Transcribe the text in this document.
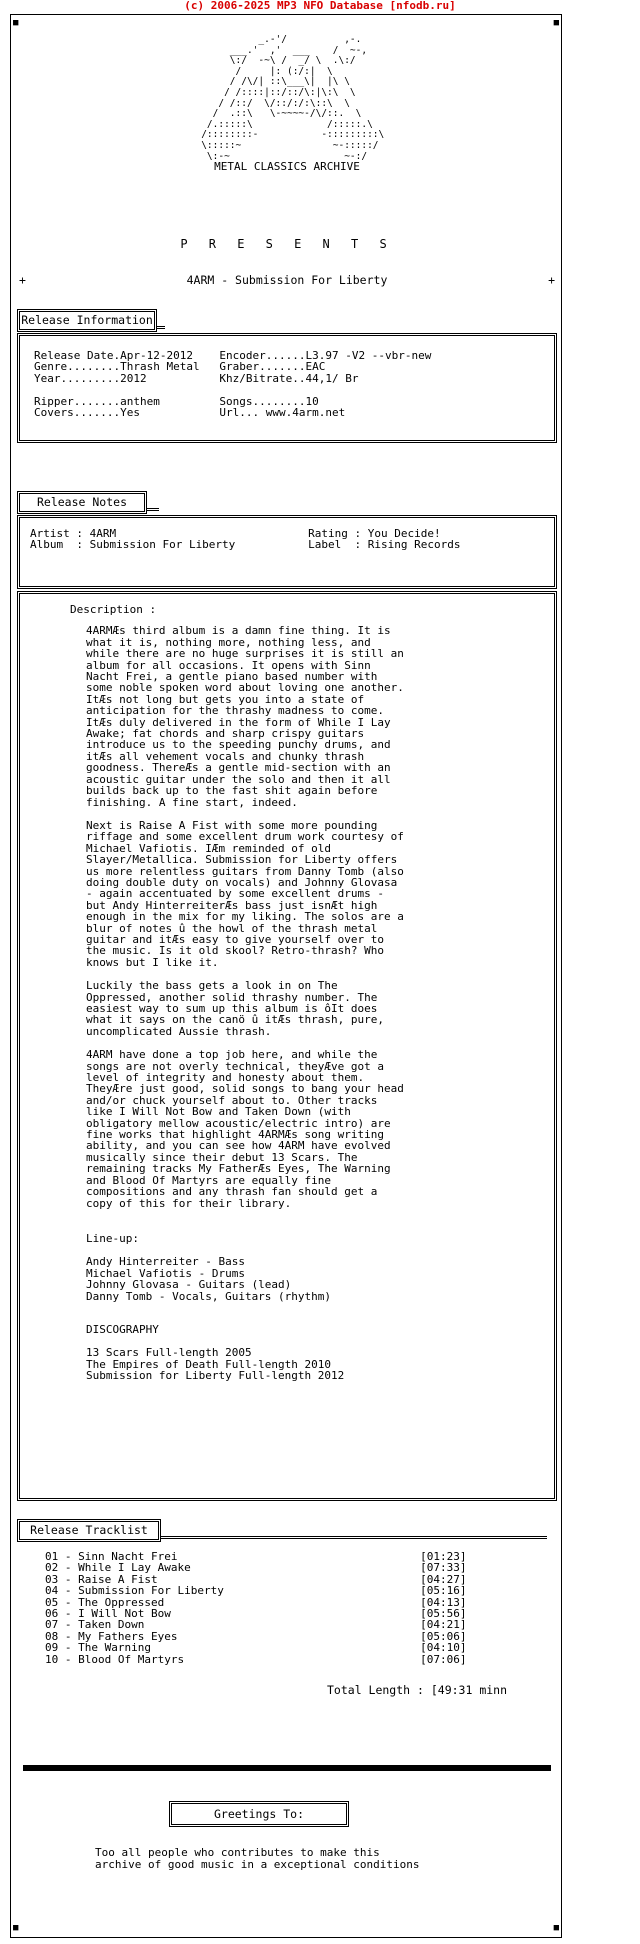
(c) 2006-2025 MP3 NFO Database [nfodb.ru]
■	■
■	■
_.-'/          ,-.
___.'  ,'  ___    /  ~-,
\:/  -~\ /  _/ \  .\:/
/     |: (:/:|  \
/ /\/| ::\___\|  |\ \
/ /::::|::/::/\:|\:\  \
/ /::/  \/::/:/:\::\  \
/  .::\   \-~~~~-/\/::.  \
/.:::::\             /:::::.\
/::::::::-           -:::::::::\
\:::::~                ~-:::::/
\:-~                    ~-:/
METAL CLASSICS ARCHIVE
P R E S E N T S
+	4ARM - Submission For Liberty	+
Release Information
Release Date.Apr-12-2012    Encoder......L3.97 -V2 --vbr-new
Genre........Thrash Metal   Graber.......EAC
Year.........2012           Khz/Bitrate..44,1/ Br

Ripper.......anthem         Songs........10
Covers.......Yes            Url... www.4arm.net
Release Notes
Artist : 4ARM                             Rating : You Decide!
Album  : Submission For Liberty           Label  : Rising Records

Description :

4ARMÆs third album is a damn fine thing. It is
what it is, nothing more, nothing less, and
while there are no huge surprises it is still an
album for all occasions. It opens with Sinn
Nacht Frei, a gentle piano based number with
some noble spoken word about loving one another.
ItÆs not long but gets you into a state of
anticipation for the thrashy madness to come.
ItÆs duly delivered in the form of While I Lay
Awake; fat chords and sharp crispy guitars
introduce us to the speeding punchy drums, and
itÆs all vehement vocals and chunky thrash
goodness. ThereÆs a gentle mid-section with an
acoustic guitar under the solo and then it all
builds back up to the fast shit again before
finishing. A fine start, indeed.

Next is Raise A Fist with some more pounding
riffage and some excellent drum work courtesy of
Michael Vafiotis. IÆm reminded of old
Slayer/Metallica. Submission for Liberty offers
us more relentless guitars from Danny Tomb (also
doing double duty on vocals) and Johnny Glovasa
- again accentuated by some excellent drums -
but Andy HinterreiterÆs bass just isnÆt high
enough in the mix for my liking. The solos are a
blur of notes û the howl of the thrash metal
guitar and itÆs easy to give yourself over to
the music. Is it old skool? Retro-thrash? Who
knows but I like it.

Luckily the bass gets a look in on The
Oppressed, another solid thrashy number. The
easiest way to sum up this album is ôIt does
what it says on the canö û itÆs thrash, pure,
uncomplicated Aussie thrash.

4ARM have done a top job here, and while the
songs are not overly technical, theyÆve got a
level of integrity and honesty about them.
TheyÆre just good, solid songs to bang your head
and/or chuck yourself about to. Other tracks
like I Will Not Bow and Taken Down (with
obligatory mellow acoustic/electric intro) are
fine works that highlight 4ARMÆs song writing
ability, and you can see how 4ARM have evolved
musically since their debut 13 Scars. The
remaining tracks My FatherÆs Eyes, The Warning
and Blood Of Martyrs are equally fine
compositions and any thrash fan should get a
copy of this for their library.

Line-up:

Andy Hinterreiter - Bass
Michael Vafiotis - Drums
Johnny Glovasa - Guitars (lead)
Danny Tomb - Vocals, Guitars (rhythm)

DISCOGRAPHY

13 Scars Full-length 2005
The Empires of Death Full-length 2010
Submission for Liberty Full-length 2012

Release Tracklist
01 - Sinn Nacht Frei	[01:23]
02 - While I Lay Awake	[07:33]
03 - Raise A Fist	[04:27]
04 - Submission For Liberty	[05:16]
05 - The Oppressed	[04:13]
06 - I Will Not Bow	[05:56]
07 - Taken Down	[04:21]
08 - My Fathers Eyes	[05:06]
09 - The Warning	[04:10]
10 - Blood Of Martyrs	[07:06]
Total Length : [49:31 minn
Greetings To:
Too all people who contributes to make this
archive of good music in a exceptional conditions
